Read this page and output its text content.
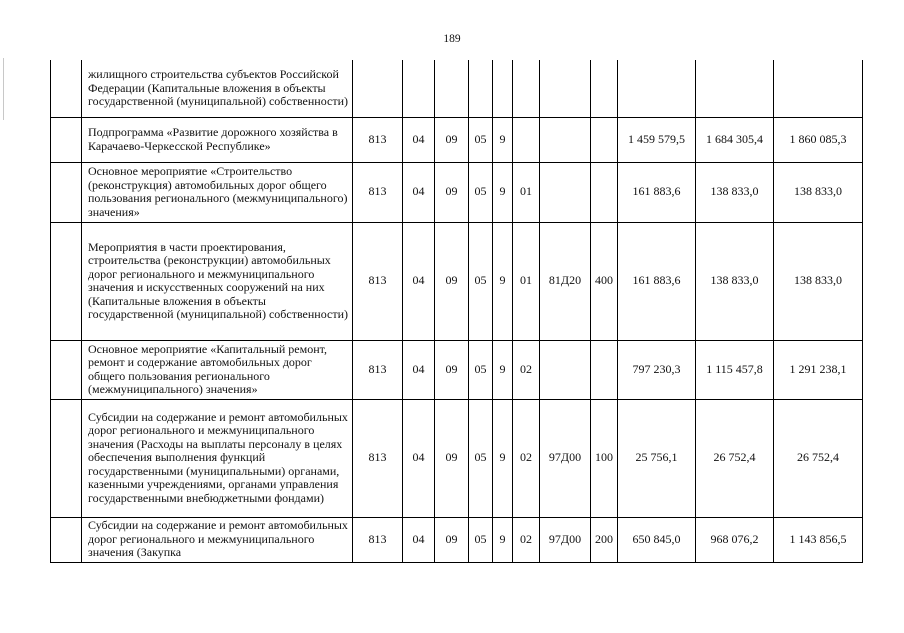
189
	жилищного строительства субъектов Российской Федерации (Капитальные вложения в объекты государственной (муниципальной) собственности)											
	Подпрограмма «Развитие дорожного хозяйства в Карачаево-Черкесской Республике»	813	04	09	05	9				1 459 579,5	1 684 305,4	1 860 085,3
	Основное мероприятие «Строительство (реконструкция) автомобильных дорог общего пользования регионального (межмуниципального) значения»	813	04	09	05	9	01			161 883,6	138 833,0	138 833,0
	Мероприятия в части проектирования, строительства (реконструкции) автомобильных дорог регионального и межмуниципального значения и искусственных сооружений на них (Капитальные вложения в объекты государственной (муниципальной) собственности)	813	04	09	05	9	01	81Д20	400	161 883,6	138 833,0	138 833,0
	Основное мероприятие «Капитальный ремонт, ремонт и содержание автомобильных дорог общего пользования регионального (межмуниципального) значения»	813	04	09	05	9	02			797 230,3	1 115 457,8	1 291 238,1
	Субсидии на содержание и ремонт автомобильных дорог регионального и межмуниципального значения (Расходы на выплаты персоналу в целях обеспечения выполнения функций государственными (муниципальными) органами, казенными учреждениями, органами управления государственными внебюджетными фондами)	813	04	09	05	9	02	97Д00	100	25 756,1	26 752,4	26 752,4
	Субсидии на содержание и ремонт автомобильных дорог регионального и межмуниципального значения (Закупка	813	04	09	05	9	02	97Д00	200	650 845,0	968 076,2	1 143 856,5
